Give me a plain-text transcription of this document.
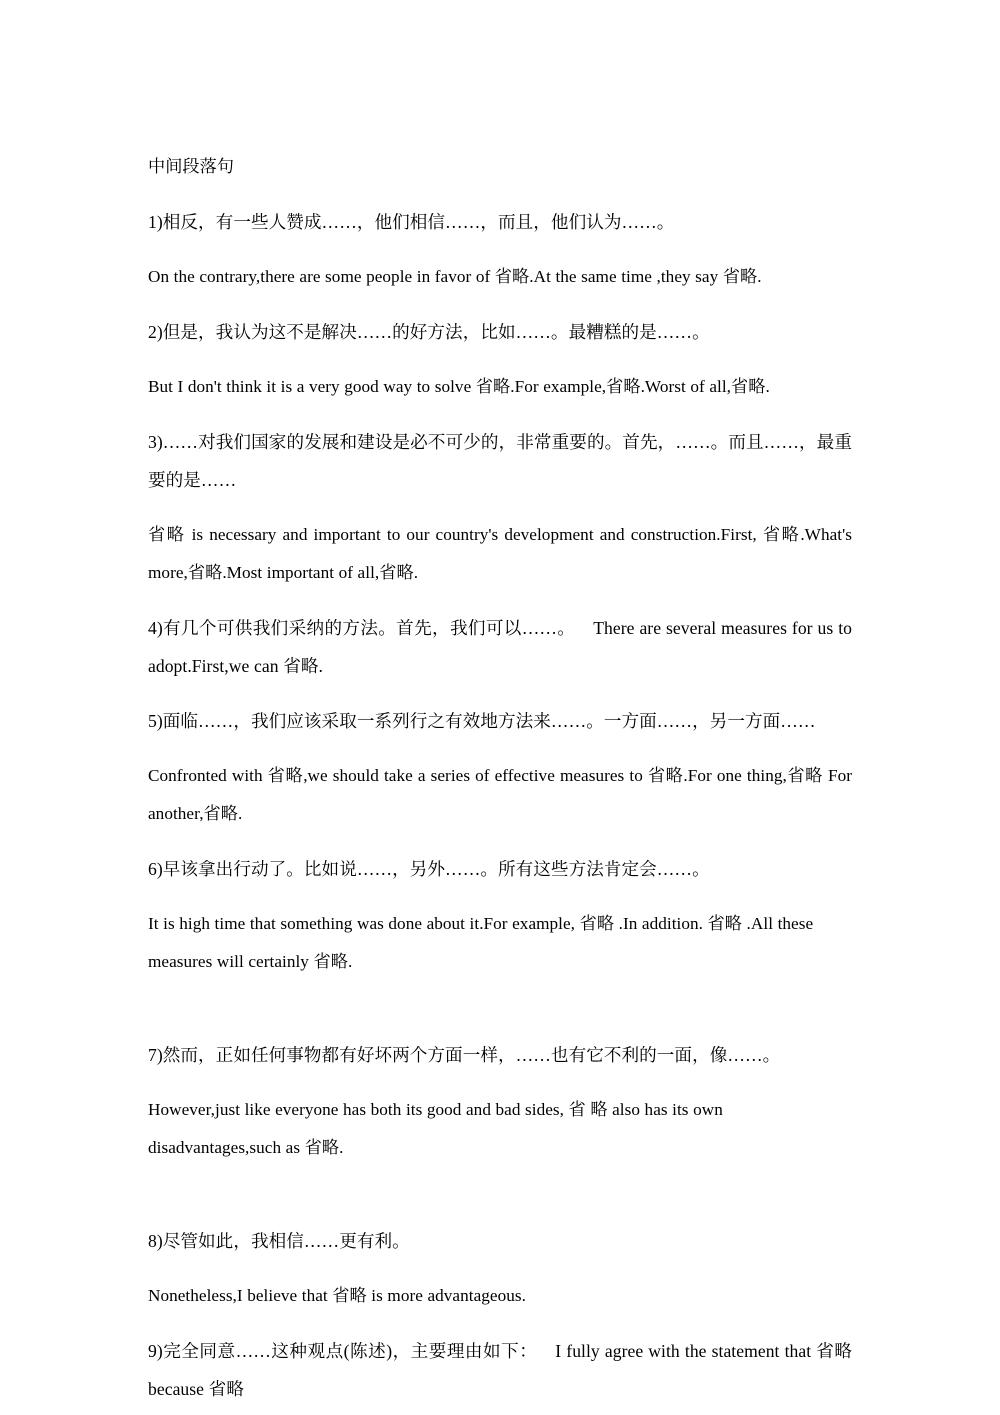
中间段落句

1)相反，有一些人赞成……，他们相信……，而且，他们认为……。

On the contrary,there are some people in favor of 省略.At the same time ,they say 省略.

2)但是，我认为这不是解决……的好方法，比如……。最糟糕的是……。

But I don't think it is a very good way to solve 省略.For example,省略.Worst of all,省略.

3)……对我们国家的发展和建设是必不可少的，非常重要的。首先，……。而且……，最重要的是……

省略 is necessary and important to our country's development and construction.First, 省略.What's more,省略.Most important of all,省略.

4)有几个可供我们采纳的方法。首先，我们可以……。 There are several measures for us to adopt.First,we can 省略.

5)面临……，我们应该采取一系列行之有效地方法来……。一方面……，另一方面……

Confronted with 省略,we should take a series of effective measures to 省略.For one thing,省略 For another,省略.

6)早该拿出行动了。比如说……，另外……。所有这些方法肯定会……。

It is high time that something was done about it.For example, 省略 .In addition. 省略 .All these
measures will certainly 省略.

7)然而，正如任何事物都有好坏两个方面一样，……也有它不利的一面，像……。

However,just like everyone has both its good and bad sides, 省 略 also has its own
disadvantages,such as 省略.

8)尽管如此，我相信……更有利。

Nonetheless,I believe that 省略 is more advantageous.

9)完全同意……这种观点(陈述)，主要理由如下： I fully agree with the statement that 省略 because 省略
